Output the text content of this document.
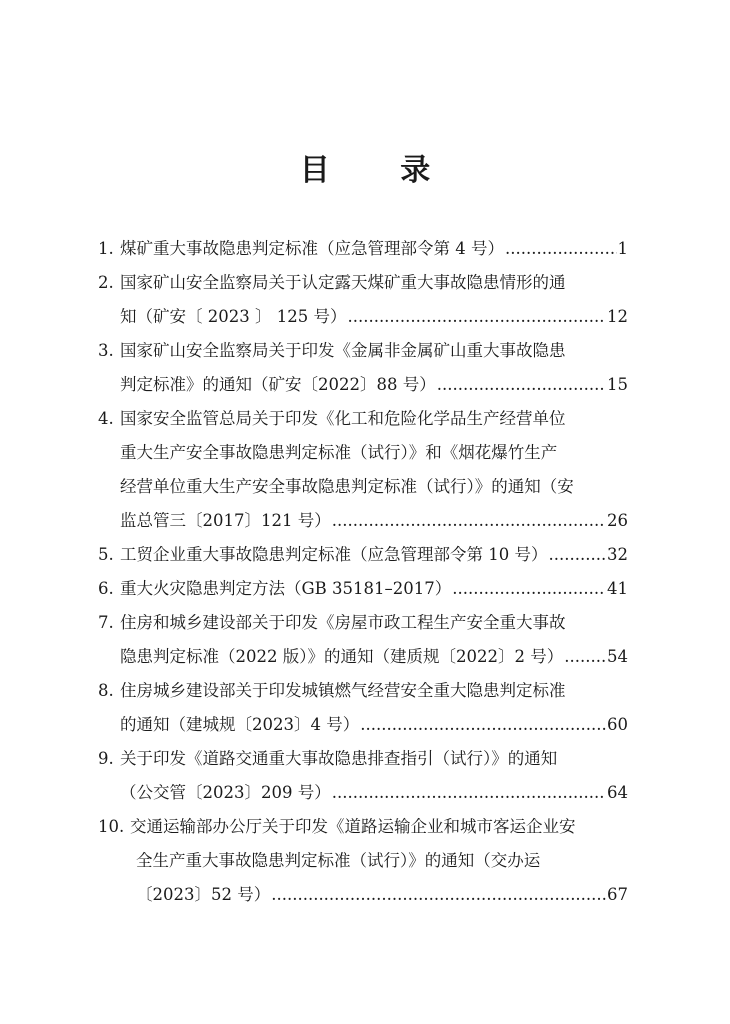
目 录
1. 煤矿重大事故隐患判定标准（应急管理部令第 4 号） .....	1
2. 国家矿山安全监察局关于认定露天煤矿重大事故隐患情形的通
知（矿安〔 2023 〕 125 号） .....	12
3. 国家矿山安全监察局关于印发《金属非金属矿山重大事故隐患
判定标准》的通知（矿安〔2022〕88 号） .....	15
4. 国家安全监管总局关于印发《化工和危险化学品生产经营单位
重大生产安全事故隐患判定标准（试行）》和《烟花爆竹生产
经营单位重大生产安全事故隐患判定标准（试行）》的通知（安
监总管三〔2017〕121 号） .....	26
5. 工贸企业重大事故隐患判定标准（应急管理部令第 10 号） .....	32
6. 重大火灾隐患判定方法（GB 35181–2017） .....	41
7. 住房和城乡建设部关于印发《房屋市政工程生产安全重大事故
隐患判定标准（2022 版）》的通知（建质规〔2022〕2 号） .....	54
8. 住房城乡建设部关于印发城镇燃气经营安全重大隐患判定标准
的通知（建城规〔2023〕4 号） .....	60
9. 关于印发《道路交通重大事故隐患排查指引（试行）》的通知
（公交管〔2023〕209 号） .....	64
10. 交通运输部办公厅关于印发《道路运输企业和城市客运企业安
全生产重大事故隐患判定标准（试行）》的通知（交办运
〔2023〕52 号） .....	67
